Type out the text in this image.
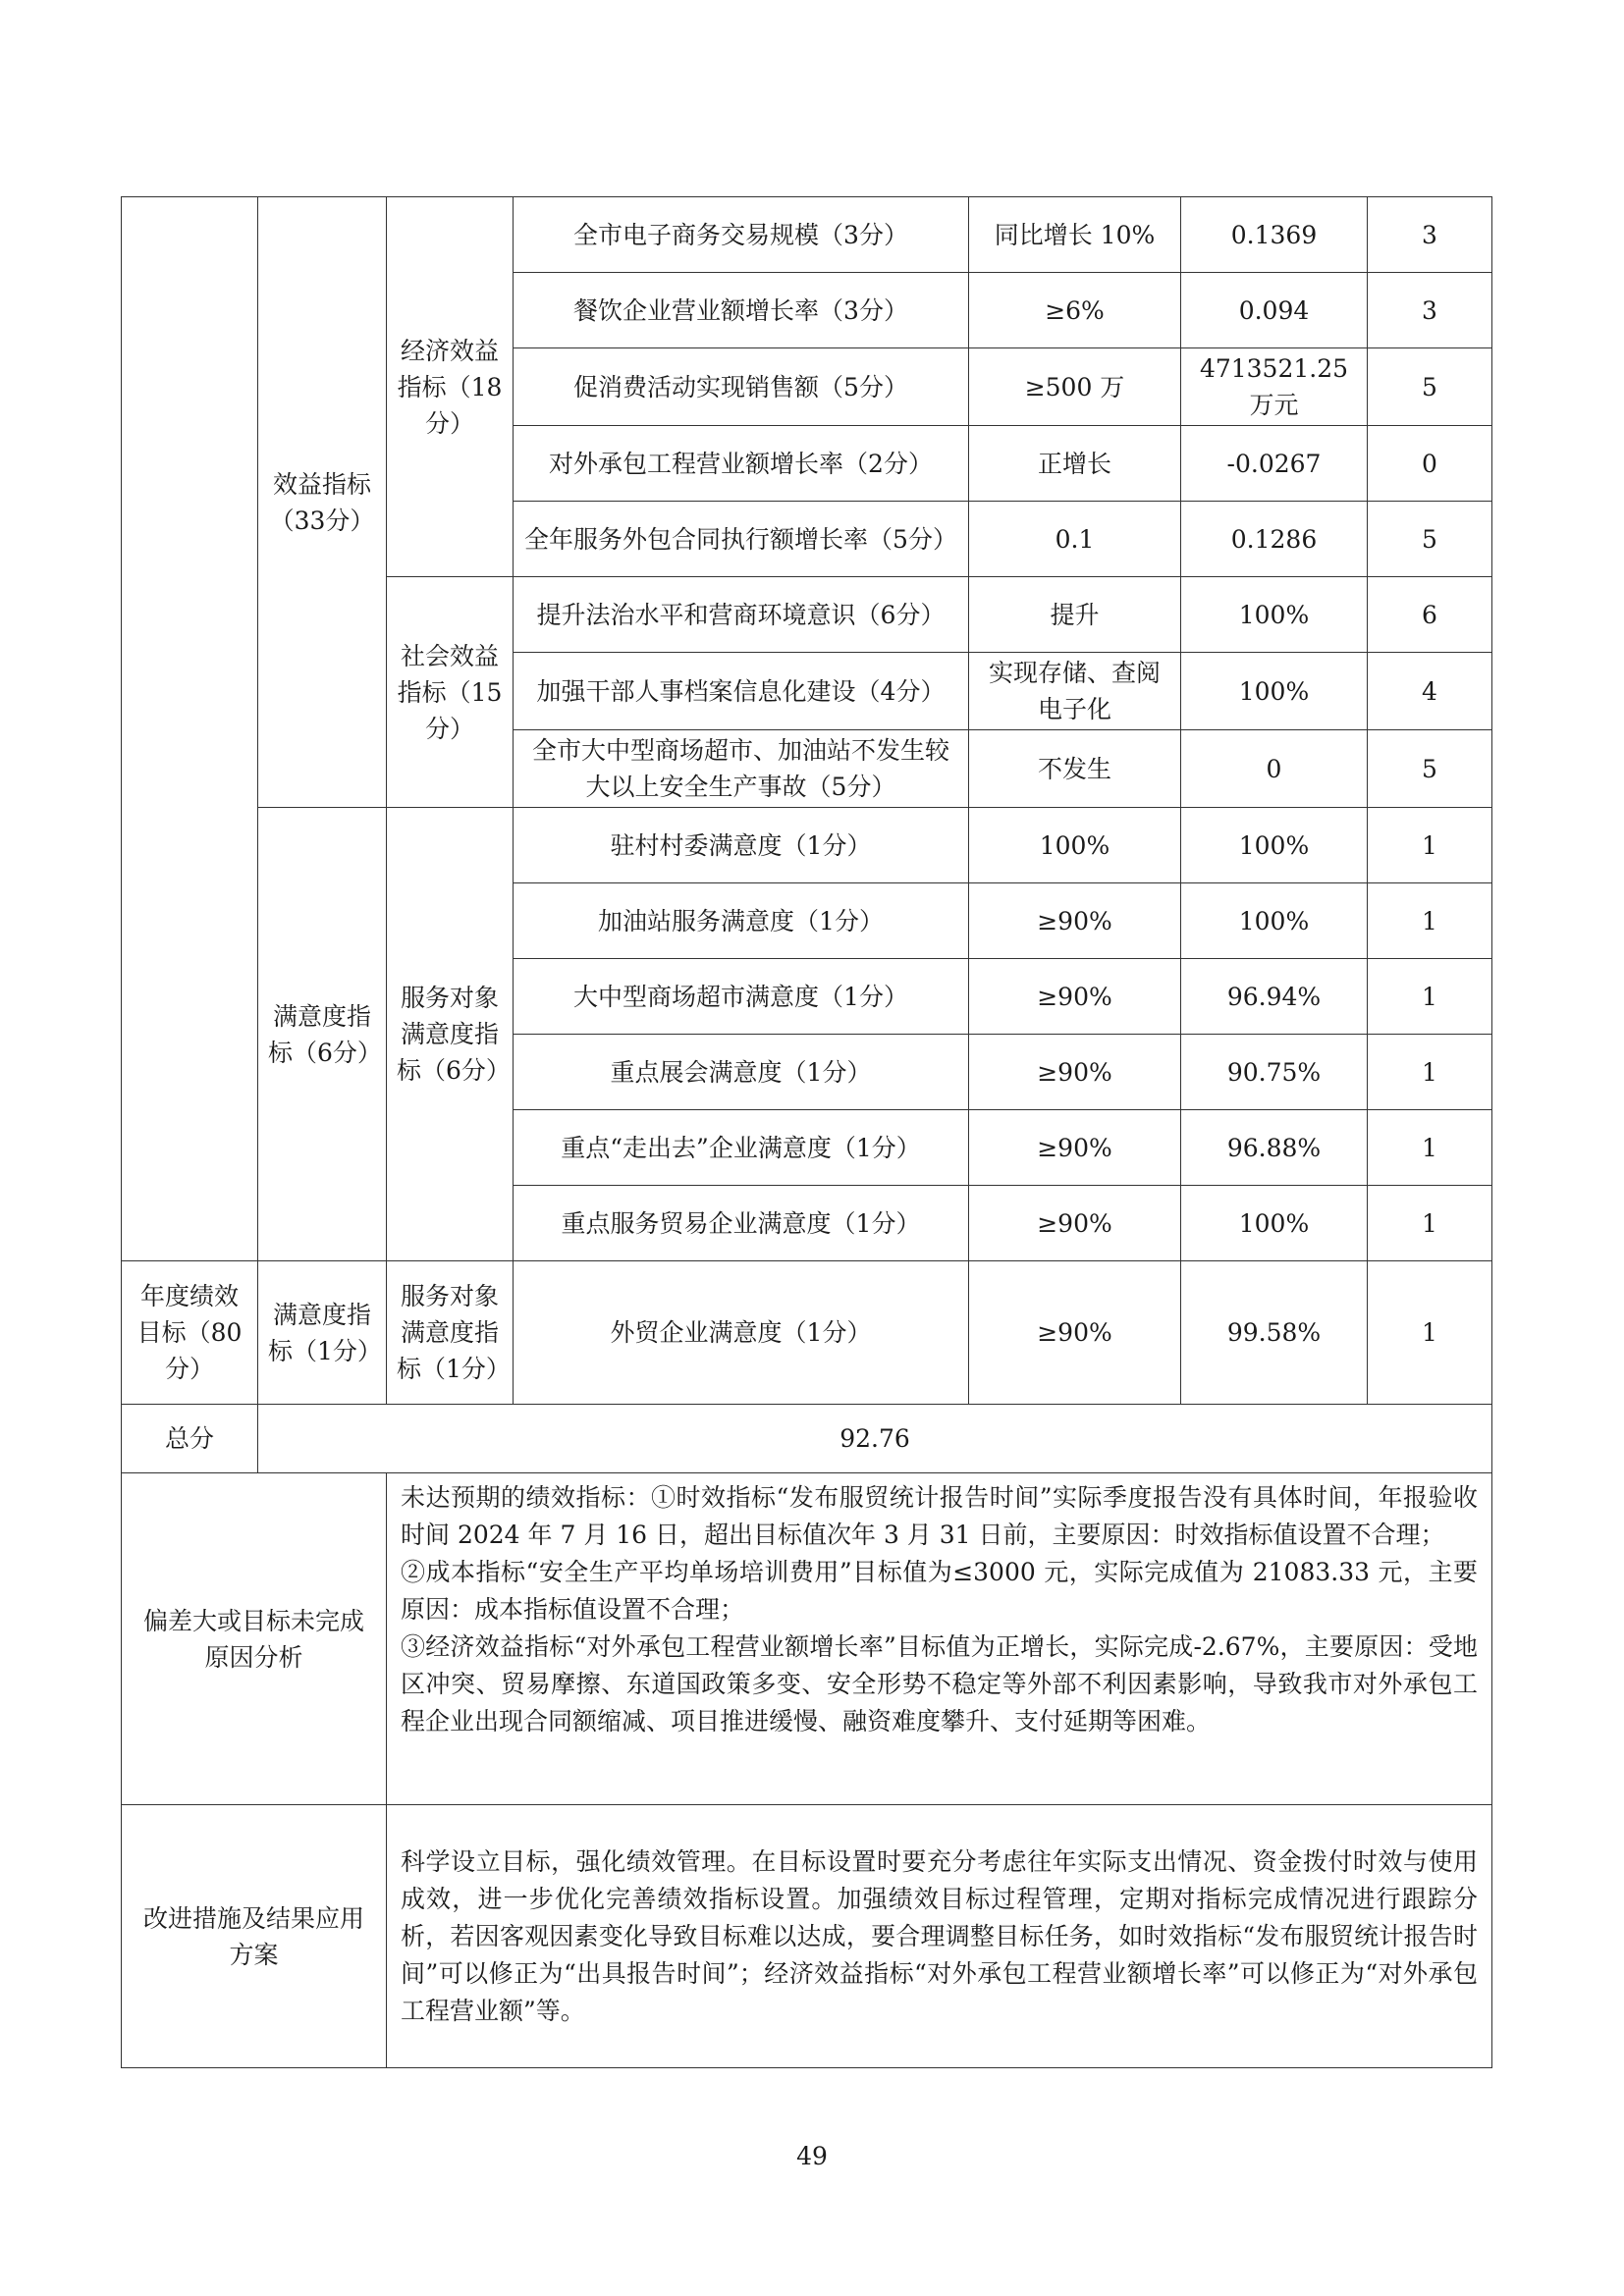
	效益指标（33分）	经济效益指标（18分）	全市电子商务交易规模（3分）	同比增长 10%	0.1369	3
			餐饮企业营业额增长率（3分）	≥6%	0.094	3
			促消费活动实现销售额（5分）	≥500 万	4713521.25 万元	5
			对外承包工程营业额增长率（2分）	正增长	-0.0267	0
			全年服务外包合同执行额增长率（5分）	0.1	0.1286	5
		社会效益指标（15分）	提升法治水平和营商环境意识（6分）	提升	100%	6
			加强干部人事档案信息化建设（4分）	实现存储、查阅电子化	100%	4
			全市大中型商场超市、加油站不发生较大以上安全生产事故（5分）	不发生	0	5
	满意度指标（6分）	服务对象满意度指标（6分）	驻村村委满意度（1分）	100%	100%	1
			加油站服务满意度（1分）	≥90%	100%	1
			大中型商场超市满意度（1分）	≥90%	96.94%	1
			重点展会满意度（1分）	≥90%	90.75%	1
			重点“走出去”企业满意度（1分）	≥90%	96.88%	1
			重点服务贸易企业满意度（1分）	≥90%	100%	1
年度绩效目标（80分）	满意度指标（1分）	服务对象满意度指标（1分）	外贸企业满意度（1分）	≥90%	99.58%	1
总分	92.76					
偏差大或目标未完成原因分析		未达预期的绩效指标：①时效指标“发布服贸统计报告时间”实际季度报告没有具体时间，年报验收时间 2024 年 7 月 16 日，超出目标值次年 3 月 31 日前，主要原因：时效指标值设置不合理；

②成本指标“安全生产平均单场培训费用”目标值为≤3000 元，实际完成值为 21083.33 元，主要原因：成本指标值设置不合理；

③经济效益指标“对外承包工程营业额增长率”目标值为正增长，实际完成-2.67%，主要原因：受地区冲突、贸易摩擦、东道国政策多变、安全形势不稳定等外部不利因素影响，导致我市对外承包工程企业出现合同额缩减、项目推进缓慢、融资难度攀升、支付延期等困难。				

改进措施及结果应用方案		科学设立目标，强化绩效管理。在目标设置时要充分考虑往年实际支出情况、资金拨付时效与使用成效，进一步优化完善绩效指标设置。加强绩效目标过程管理，定期对指标完成情况进行跟踪分析，若因客观因素变化导致目标难以达成，要合理调整目标任务，如时效指标“发布服贸统计报告时间”可以修正为“出具报告时间”；经济效益指标“对外承包工程营业额增长率”可以修正为“对外承包工程营业额”等。				
49
